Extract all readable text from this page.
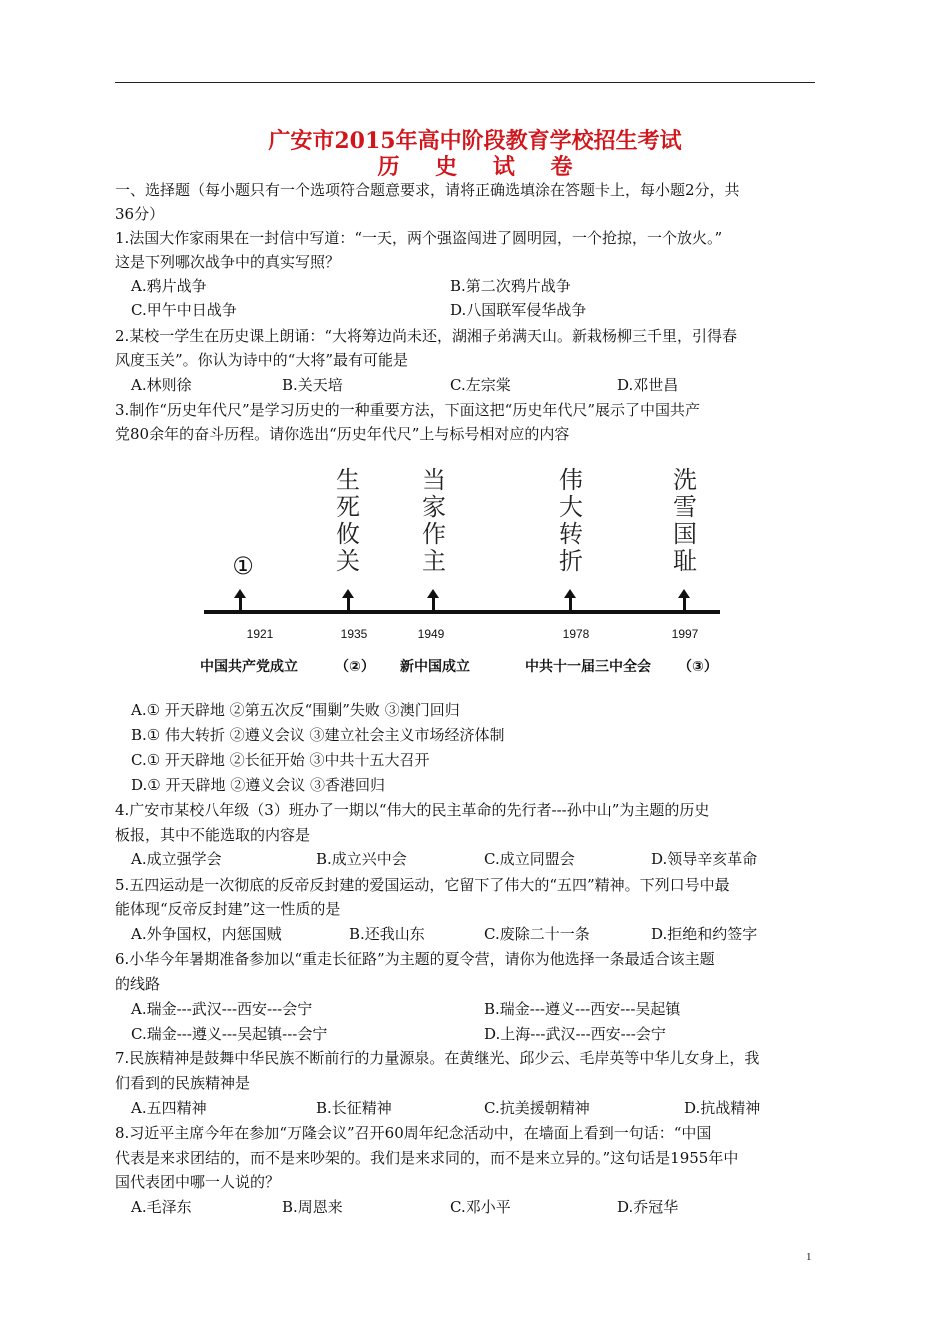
广安市2015年高中阶段教育学校招生考试
历 史 试 卷
一、选择题（每小题只有一个选项符合题意要求，请将正确选填涂在答题卡上，每小题2分，共
36分）
1.法国大作家雨果在一封信中写道：“一天，两个强盗闯进了圆明园，一个抢掠，一个放火。”
这是下列哪次战争中的真实写照？
A.鸦片战争	B.第二次鸦片战争
C.甲午中日战争	D.八国联军侵华战争
2.某校一学生在历史课上朗诵：“大将筹边尚未还，湖湘子弟满天山。新栽杨柳三千里，引得春
风度玉关”。你认为诗中的“大将”最有可能是
A.林则徐	B.关天培	C.左宗棠	D.邓世昌
3.制作“历史年代尺”是学习历史的一种重要方法，下面这把“历史年代尺”展示了中国共产
党80余年的奋斗历程。请你选出“历史年代尺”上与标号相对应的内容
①
生死攸关
当家作主
伟大转折
洗雪国耻
1921	1935	1949	1978	1997
中国共产党成立	（②） 新中国成立	中共十一届三中全会 （③）
A.① 开天辟地 ②第五次反“围剿”失败 ③澳门回归
B.① 伟大转折 ②遵义会议 ③建立社会主义市场经济体制
C.① 开天辟地 ②长征开始 ③中共十五大召开
D.① 开天辟地 ②遵义会议 ③香港回归
4.广安市某校八年级（3）班办了一期以“伟大的民主革命的先行者---孙中山”为主题的历史
板报，其中不能选取的内容是
A.成立强学会	B.成立兴中会	C.成立同盟会	D.领导辛亥革命
5.五四运动是一次彻底的反帝反封建的爱国运动，它留下了伟大的“五四”精神。下列口号中最
能体现“反帝反封建”这一性质的是
A.外争国权，内惩国贼	B.还我山东	C.废除二十一条	D.拒绝和约签字
6.小华今年暑期准备参加以“重走长征路”为主题的夏令营，请你为他选择一条最适合该主题
的线路
A.瑞金---武汉---西安---会宁	B.瑞金---遵义---西安---吴起镇
C.瑞金---遵义---吴起镇---会宁	D.上海---武汉---西安---会宁
7.民族精神是鼓舞中华民族不断前行的力量源泉。在黄继光、邱少云、毛岸英等中华儿女身上，我
们看到的民族精神是
A.五四精神	B.长征精神	C.抗美援朝精神	D.抗战精神
8.习近平主席今年在参加“万隆会议”召开60周年纪念活动中，在墙面上看到一句话：“中国
代表是来求团结的，而不是来吵架的。我们是来求同的，而不是来立异的。”这句话是1955年中
国代表团中哪一人说的？
A.毛泽东	B.周恩来	C.邓小平	D.乔冠华
1
